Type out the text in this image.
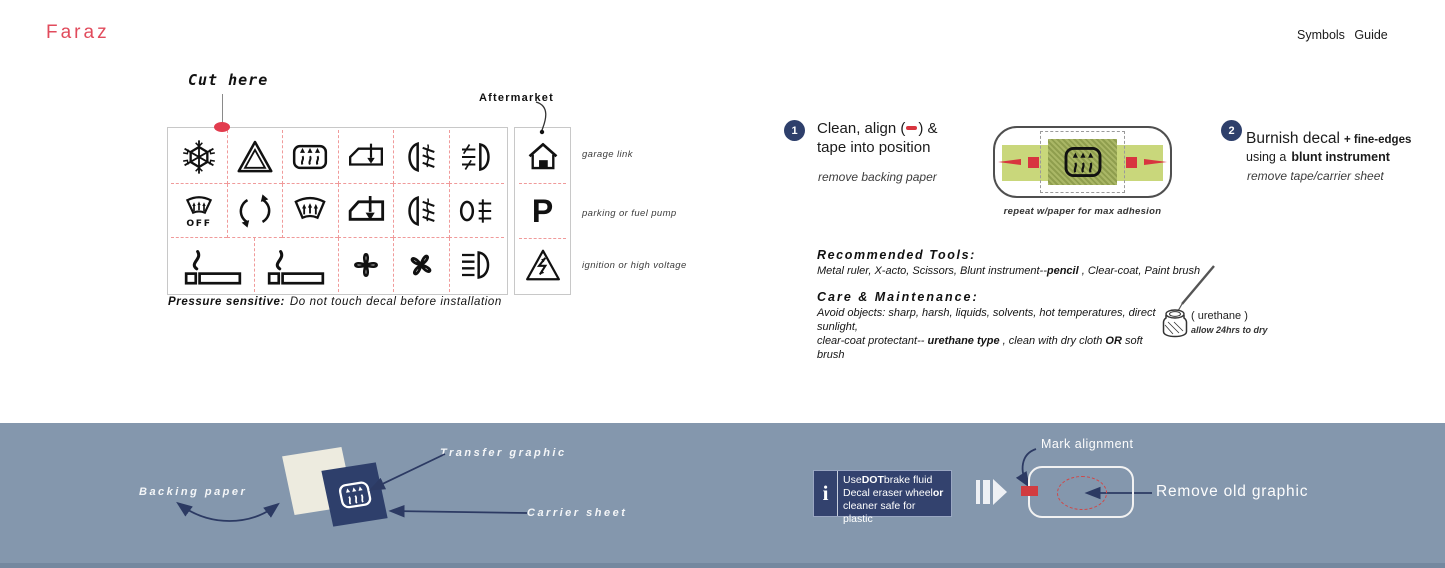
Faraz	Symbols Guide
Cut here
OFF	P
Aftermarket
garage link
parking or fuel pump
ignition or high voltage
Pressure sensitive: Do not touch decal before installation
1	Clean, align ( ) &
tape into position
remove backing paper
repeat w/paper for max adhesion
2 Burnish decal + fine-edges
using a blunt instrument
remove tape/carrier sheet
Recommended Tools:
Metal ruler, X-acto, Scissors, Blunt instrument--pencil , Clear-coat, Paint brush
Care & Maintenance:
Avoid objects: sharp, harsh, liquids, solvents, hot temperatures, direct sunlight,
clear-coat protectant-- urethane type , clean with dry cloth OR soft brush
( urethane )
allow 24hrs to dry
Backing paper
Transfer graphic
Carrier sheet
i
UseDOTbrake fluid
Decal eraser wheelor
cleaner safe for plastic
Mark alignment
Remove old graphic
